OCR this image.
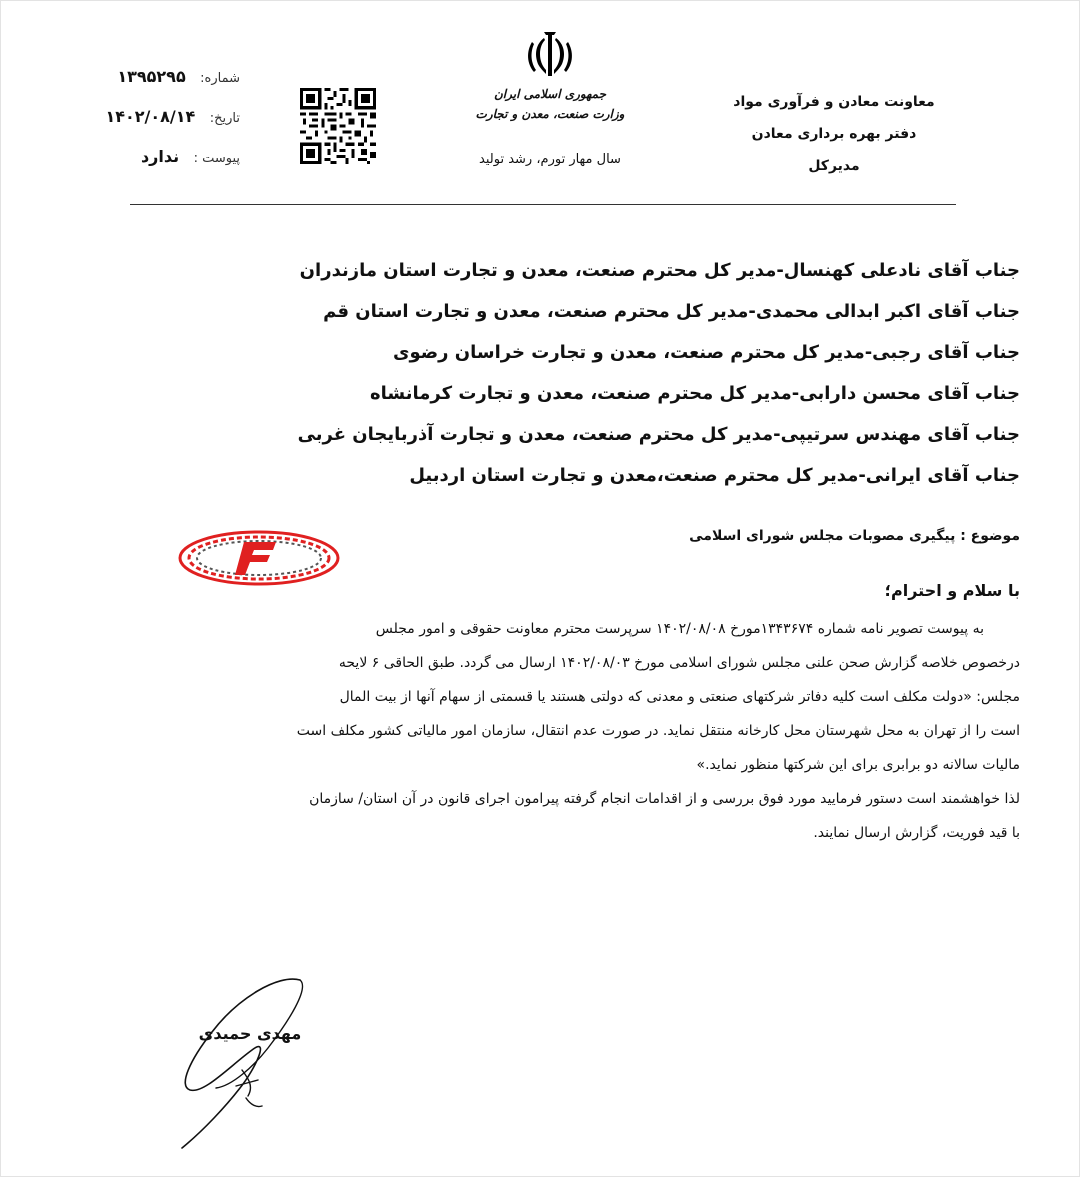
معاونت معادن و فرآوری مواد
دفتر بهره برداری معادن
مدیرکل
جمهوری اسلامی ایران
وزارت صنعت، معدن و تجارت
سال مهار تورم، رشد تولید
شماره: ۱۳۹۵۲۹۵
تاریخ: ۱۴۰۲/۰۸/۱۴
پیوست : ندارد
جناب آقای نادعلی کهنسال-مدیر کل محترم صنعت، معدن و تجارت استان مازندران
جناب آقای اکبر ابدالی محمدی-مدیر کل محترم صنعت، معدن و تجارت استان قم
جناب آقای رجبی-مدیر کل محترم صنعت، معدن و تجارت خراسان رضوی
جناب آقای محسن دارابی-مدیر کل محترم صنعت، معدن و تجارت کرمانشاه
جناب آقای مهندس سرتیپی-مدیر کل محترم صنعت، معدن و تجارت آذربایجان غربی
جناب آقای ایرانی-مدیر کل محترم صنعت،معدن و تجارت استان اردبیل
موضوع : پیگیری مصوبات مجلس شورای اسلامی
با سلام و احترام؛
به پیوست تصویر نامه شماره ۱۳۴۳۶۷۴مورخ ۱۴۰۲/۰۸/۰۸ سرپرست محترم معاونت حقوقی و امور مجلس
درخصوص خلاصه گزارش صحن علنی مجلس شورای اسلامی مورخ ۱۴۰۲/۰۸/۰۳ ارسال می گردد. طبق الحاقی ۶ لایحه
مجلس: «دولت مکلف است کلیه دفاتر شرکتهای صنعتی و معدنی که دولتی هستند یا قسمتی از سهام آنها از بیت المال
است را از تهران به محل شهرستان محل کارخانه منتقل نماید. در صورت عدم انتقال، سازمان امور مالیاتی کشور مکلف است
مالیات سالانه دو برابری برای این شرکتها منظور نماید.»
لذا خواهشمند است دستور فرمایید مورد فوق بررسی و از اقدامات انجام گرفته پیرامون اجرای قانون در آن استان/ سازمان
با قید فوریت، گزارش ارسال نمایند.
مهدی حمیدی
